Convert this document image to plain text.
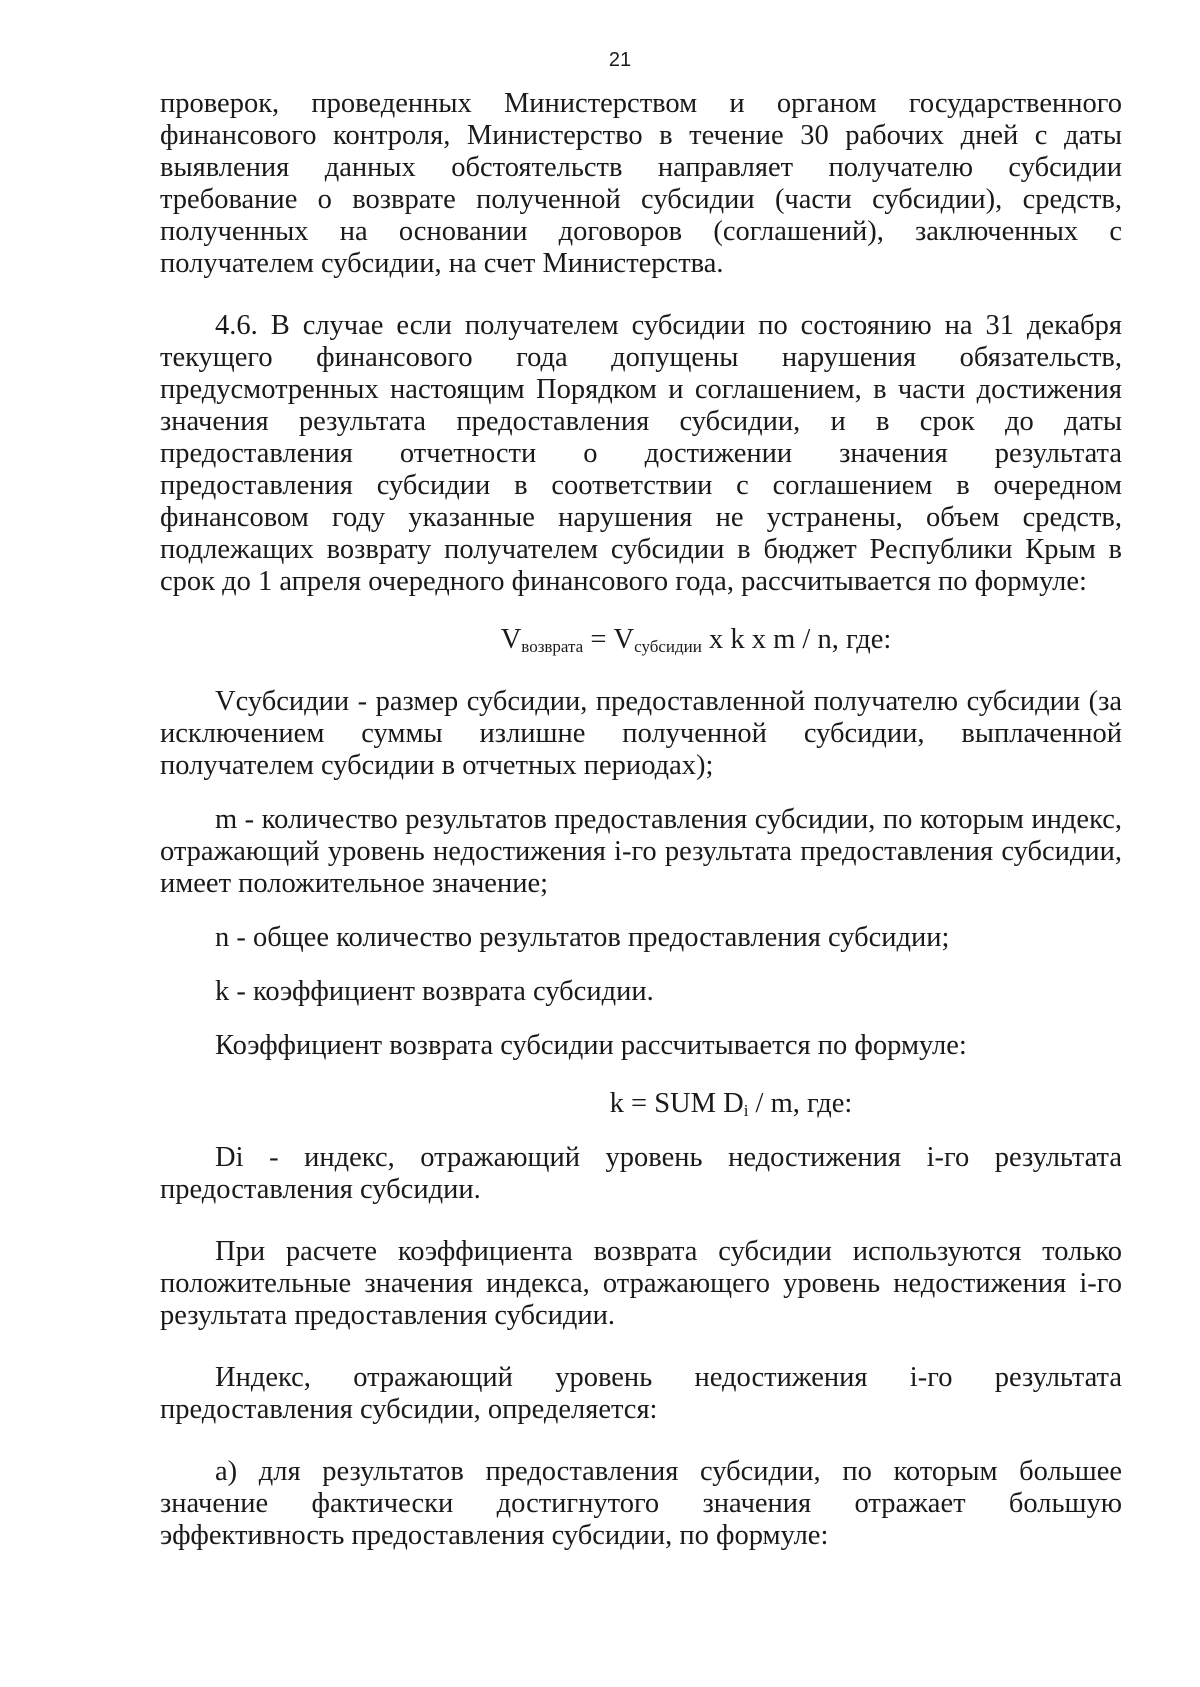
21

проверок, проведенных Министерством и органом государственного финансового контроля, Министерство в течение 30 рабочих дней с даты выявления данных обстоятельств направляет получателю субсидии требование о возврате полученной субсидии (части субсидии), средств, полученных на основании договоров (соглашений), заключенных с получателем субсидии, на счет Министерства.

4.6. В случае если получателем субсидии по состоянию на 31 декабря текущего финансового года допущены нарушения обязательств, предусмотренных настоящим Порядком и соглашением, в части достижения значения результата предоставления субсидии, и в срок до даты предоставления отчетности о достижении значения результата предоставления субсидии в соответствии с соглашением в очередном финансовом году указанные нарушения не устранены, объем средств, подлежащих возврату получателем субсидии в бюджет Республики Крым в срок до 1 апреля очередного финансового года, рассчитывается по формуле:

$V_{возврата} = V_{субсидии}$ x k x m / n, где:

Vсубсидии - размер субсидии, предоставленной получателю субсидии (за исключением суммы излишне полученной субсидии, выплаченной получателем субсидии в отчетных периодах);

m - количество результатов предоставления субсидии, по которым индекс, отражающий уровень недостижения i-го результата предоставления субсидии, имеет положительное значение;

n - общее количество результатов предоставления субсидии;

k - коэффициент возврата субсидии.

Коэффициент возврата субсидии рассчитывается по формуле:

k = SUM $D_i$ / m, где:

Di - индекс, отражающий уровень недостижения i-го результата предоставления субсидии.

При расчете коэффициента возврата субсидии используются только положительные значения индекса, отражающего уровень недостижения i-го результата предоставления субсидии.

Индекс, отражающий уровень недостижения i-го результата предоставления субсидии, определяется:

а) для результатов предоставления субсидии, по которым большее значение фактически достигнутого значения отражает большую эффективность предоставления субсидии, по формуле:
